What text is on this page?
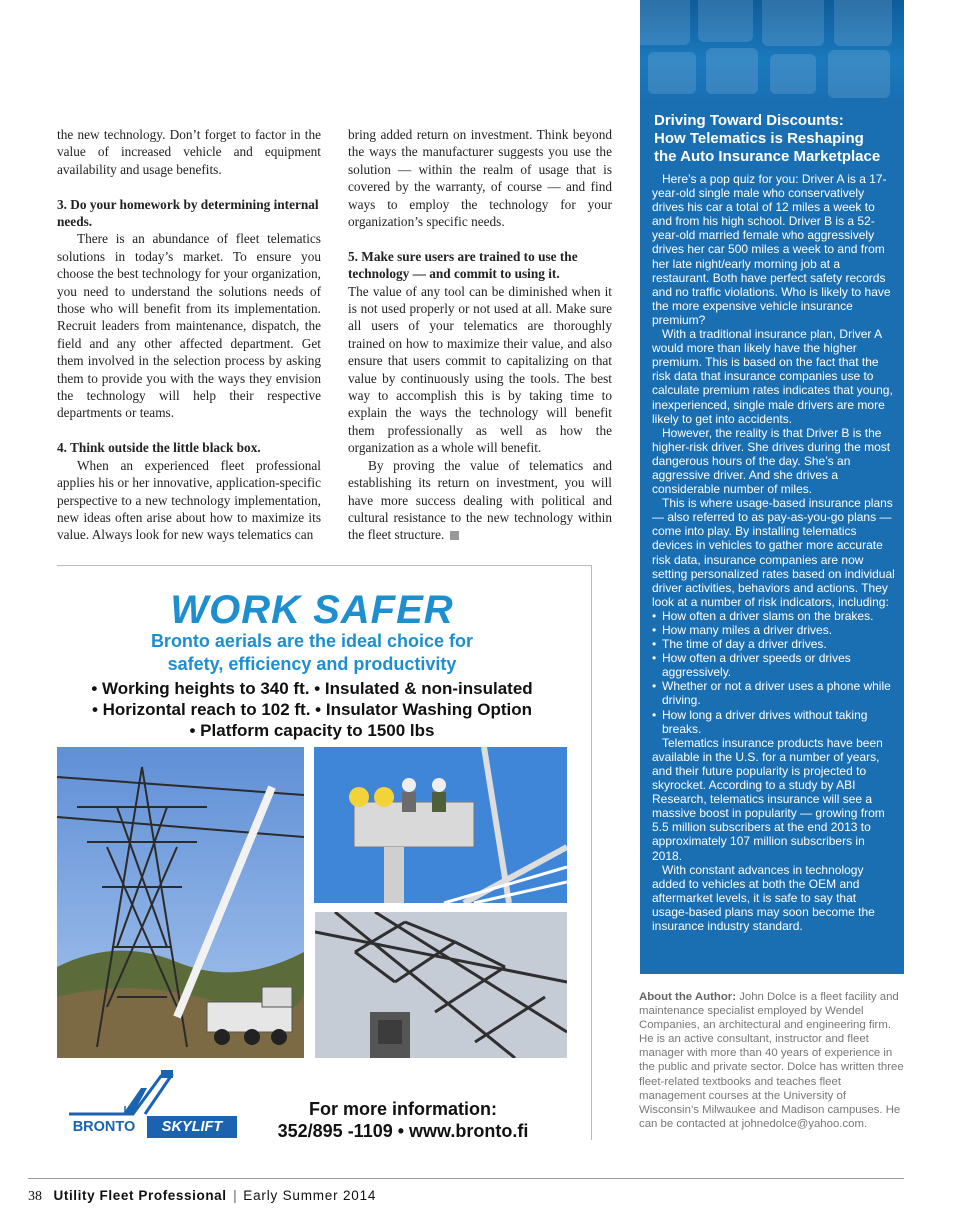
the new technology. Don’t forget to factor in the value of increased vehicle and equipment availability and usage benefits.

3. Do your homework by determining internal needs.

There is an abundance of fleet telematics solutions in today’s market. To ensure you choose the best technology for your organization, you need to understand the solutions needs of those who will benefit from its implementation. Recruit leaders from maintenance, dispatch, the field and any other affected department. Get them involved in the selection process by asking them to provide you with the ways they envision the technology will help their respective departments or teams.

4. Think outside the little black box.

When an experienced fleet professional applies his or her innovative, application-specific perspective to a new technology implementation, new ideas often arise about how to maximize its value. Always look for new ways telematics can

bring added return on investment. Think beyond the ways the manufacturer suggests you use the solution — within the realm of usage that is covered by the warranty, of course — and find ways to employ the technology for your organization’s specific needs.

5. Make sure users are trained to use the technology — and commit to using it.

The value of any tool can be diminished when it is not used properly or not used at all. Make sure all users of your telematics are thoroughly trained on how to maximize their value, and also ensure that users commit to capitalizing on that value by continuously using the tools. The best way to accomplish this is by taking time to explain the ways the technology will benefit them professionally as well as how the organization as a whole will benefit.

By proving the value of telematics and establishing its return on investment, you will have more success dealing with political and cultural resistance to the new technology within the fleet structure.

Driving Toward Discounts:
How Telematics is Reshaping
the Auto Insurance Marketplace

Here’s a pop quiz for you: Driver A is a 17-year-old single male who conservatively drives his car a total of 12 miles a week to and from his high school. Driver B is a 52-year-old married female who aggressively drives her car 500 miles a week to and from her late night/early morning job at a restaurant. Both have perfect safety records and no traffic violations. Who is likely to have the more expensive vehicle insurance premium?

With a traditional insurance plan, Driver A would more than likely have the higher premium. This is based on the fact that the risk data that insurance companies use to calculate premium rates indicates that young, inexperienced, single male drivers are more likely to get into accidents.

However, the reality is that Driver B is the higher-risk driver. She drives during the most dangerous hours of the day. She’s an aggressive driver. And she drives a considerable number of miles.

This is where usage-based insurance plans — also referred to as pay-as-you-go plans — come into play. By installing telematics devices in vehicles to gather more accurate risk data, insurance companies are now setting personalized rates based on individual driver activities, behaviors and actions. They look at a number of risk indicators, including:

• How often a driver slams on the brakes.
• How many miles a driver drives.
• The time of day a driver drives.
• How often a driver speeds or drives aggressively.
• Whether or not a driver uses a phone while driving.
• How long a driver drives without taking breaks.

Telematics insurance products have been available in the U.S. for a number of years, and their future popularity is projected to skyrocket. According to a study by ABI Research, telematics insurance will see a massive boost in popularity — growing from 5.5 million subscribers at the end 2013 to approximately 107 million subscribers in 2018.

With constant advances in technology added to vehicles at both the OEM and aftermarket levels, it is safe to say that usage-based plans may soon become the insurance industry standard.

About the Author: John Dolce is a fleet facility and maintenance specialist employed by Wendel Companies, an architectural and engineering firm. He is an active consultant, instructor and fleet manager with more than 40 years of experience in the public and private sector. Dolce has written three fleet-related textbooks and teaches fleet management courses at the University of Wisconsin’s Milwaukee and Madison campuses. He can be contacted at johnedolce@yahoo.com.
WORK SAFER
Bronto aerials are the ideal choice for
safety, efficiency and productivity
• Working heights to 340 ft. • Insulated & non-insulated
• Horizontal reach to 102 ft. • Insulator Washing Option
• Platform capacity to 1500 lbs
BRONTO	SKYLIFT
For more information:
352/895 -1109 • www.bronto.fi
38 Utility Fleet Professional | Early Summer 2014
